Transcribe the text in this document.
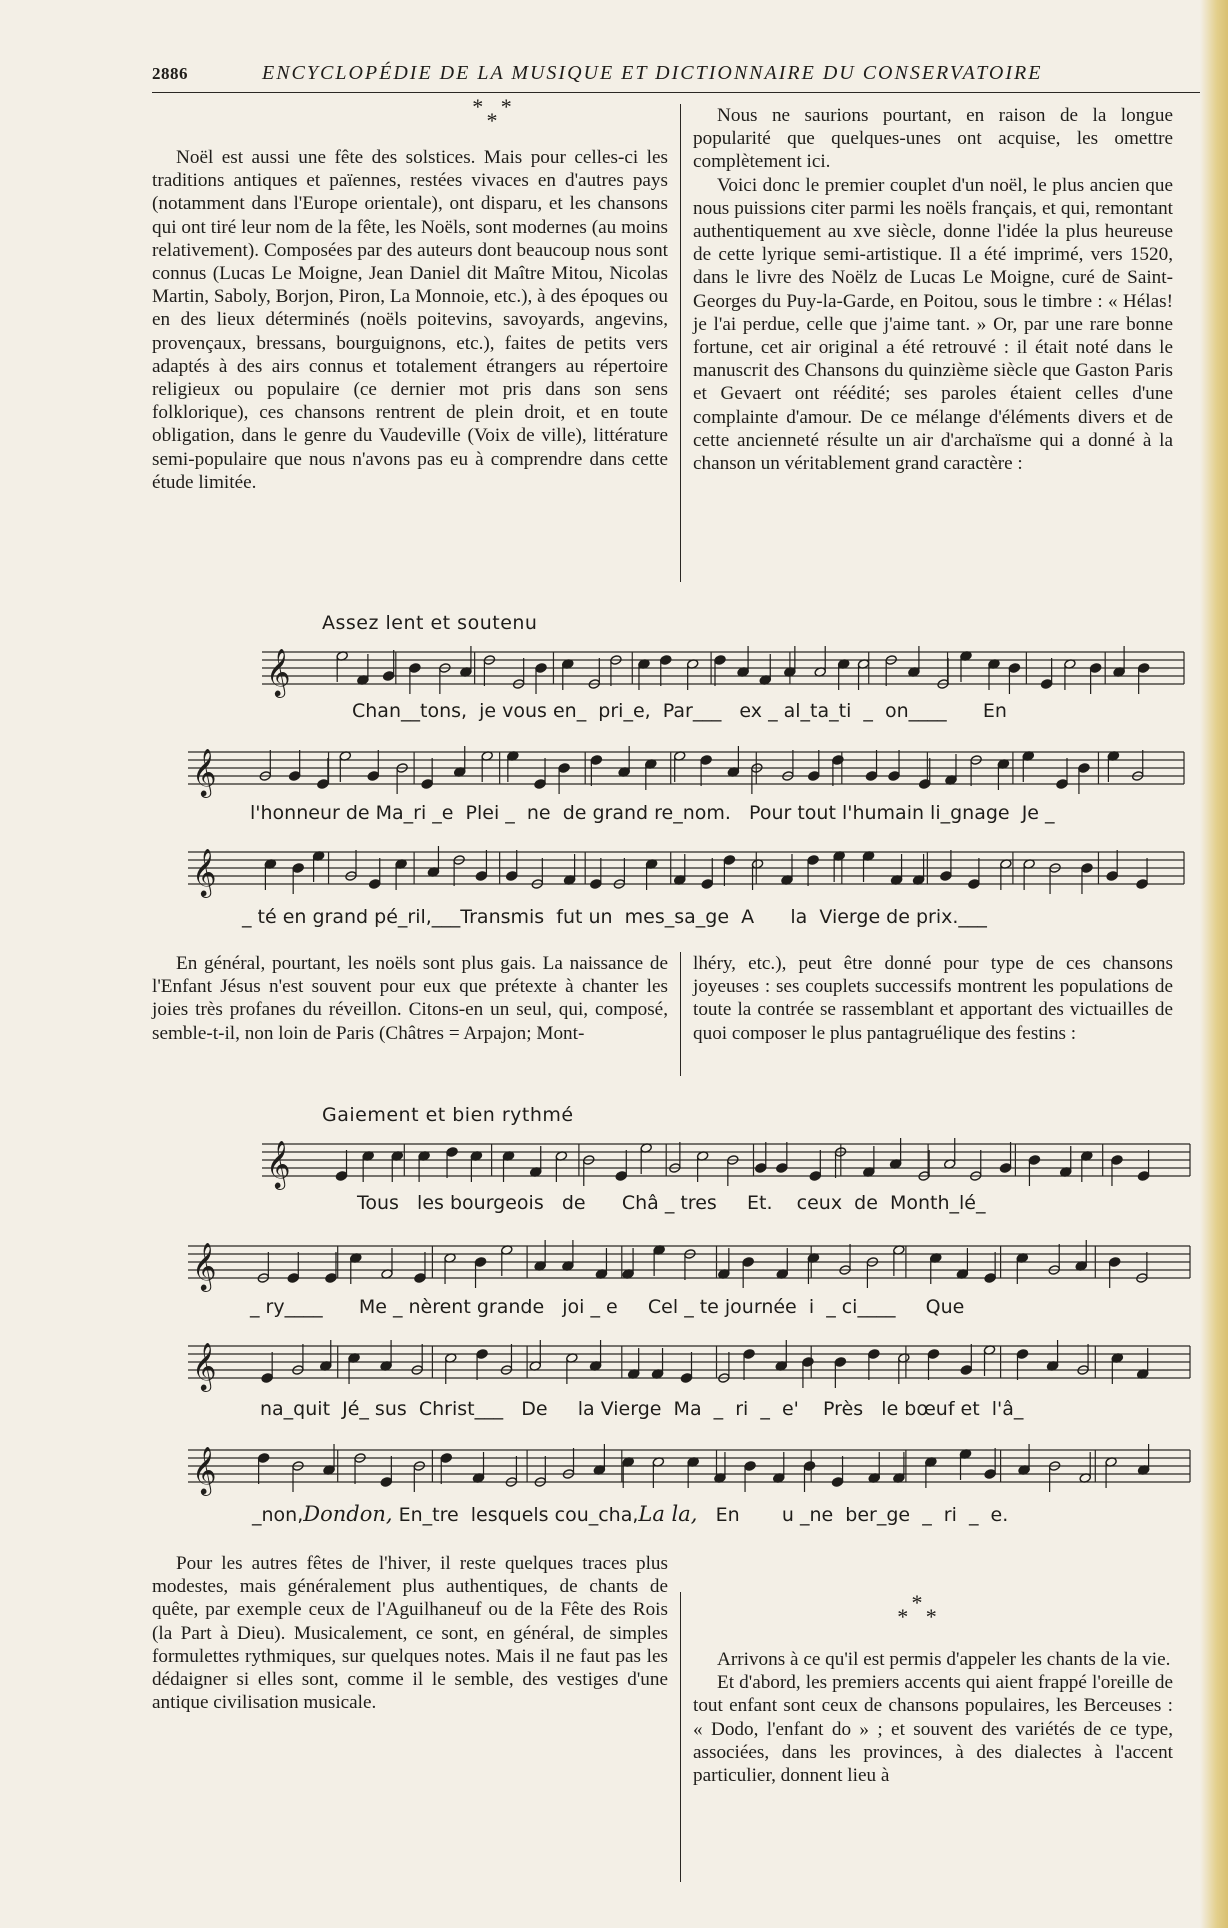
2886	ENCYCLOPÉDIE DE LA MUSIQUE ET DICTIONNAIRE DU CONSERVATOIRE
* *
*

Noël est aussi une fête des solstices. Mais pour celles-ci les traditions antiques et païennes, restées vivaces en d'autres pays (notamment dans l'Europe orientale), ont disparu, et les chansons qui ont tiré leur nom de la fête, les Noëls, sont modernes (au moins relativement). Composées par des auteurs dont beaucoup nous sont connus (Lucas Le Moigne, Jean Daniel dit Maître Mitou, Nicolas Martin, Saboly, Borjon, Piron, La Monnoie, etc.), à des époques ou en des lieux déterminés (noëls poitevins, savoyards, angevins, provençaux, bressans, bourguignons, etc.), faites de petits vers adaptés à des airs connus et totalement étrangers au répertoire religieux ou populaire (ce dernier mot pris dans son sens folklorique), ces chansons rentrent de plein droit, et en toute obligation, dans le genre du Vaudeville (Voix de ville), littérature semi-populaire que nous n'avons pas eu à comprendre dans cette étude limitée.

Nous ne saurions pourtant, en raison de la longue popularité que quelques-unes ont acquise, les omettre complètement ici.

Voici donc le premier couplet d'un noël, le plus ancien que nous puissions citer parmi les noëls français, et qui, remontant authentiquement au xve siècle, donne l'idée la plus heureuse de cette lyrique semi-artistique. Il a été imprimé, vers 1520, dans le livre des Noëlz de Lucas Le Moigne, curé de Saint-Georges du Puy-la-Garde, en Poitou, sous le timbre : « Hélas! je l'ai perdue, celle que j'aime tant. » Or, par une rare bonne fortune, cet air original a été retrouvé : il était noté dans le manuscrit des Chansons du quinzième siècle que Gaston Paris et Gevaert ont réédité; ses paroles étaient celles d'une complainte d'amour. De ce mélange d'éléments divers et de cette ancienneté résulte un air d'archaïsme qui a donné à la chanson un véritablement grand caractère :

Assez lent et soutenu
𝄞
𝄞
𝄞
Chan__tons,  je vous en_  pri_e,  Par___   ex _ al_ta_ti  _  on____      En
l'honneur de Ma_ri _e  Plei _  ne  de grand re_nom.   Pour tout l'humain li_gnage  Je _
_ té en grand pé_ril,___Transmis  fut un  mes_sa_ge  A      la  Vierge de prix.___

En général, pourtant, les noëls sont plus gais. La naissance de l'Enfant Jésus n'est souvent pour eux que prétexte à chanter les joies très profanes du réveillon. Citons-en un seul, qui, composé, semble-t-il, non loin de Paris (Châtres = Arpajon; Mont-

lhéry, etc.), peut être donné pour type de ces chansons joyeuses : ses couplets successifs montrent les populations de toute la contrée se rassemblant et apportant des victuailles de quoi composer le plus pantagruélique des festins :

Gaiement et bien rythmé
𝄞
𝄞
𝄞
𝄞
Tous   les bourgeois   de      Châ _ tres     Et.    ceux  de  Month_lé_
_ ry____      Me _ nèrent grande   joi _ e     Cel _ te journée  i  _ ci____     Que
na_quit  Jé_ sus  Christ___   De     la Vierge  Ma  _  ri  _  e'    Près   le bœuf et  l'â_
_non,Dondon, En_tre  lesquels cou_cha,La la,   En       u _ne  ber_ge  _  ri  _  e.

Pour les autres fêtes de l'hiver, il reste quelques traces plus modestes, mais généralement plus authentiques, de chants de quête, par exemple ceux de l'Aguilhaneuf ou de la Fête des Rois (la Part à Dieu). Musicalement, ce sont, en général, de simples formulettes rythmiques, sur quelques notes. Mais il ne faut pas les dédaigner si elles sont, comme il le semble, des vestiges d'une antique civilisation musicale.

*
* *

Arrivons à ce qu'il est permis d'appeler les chants de la vie.

Et d'abord, les premiers accents qui aient frappé l'oreille de tout enfant sont ceux de chansons populaires, les Berceuses : « Dodo, l'enfant do » ; et souvent des variétés de ce type, associées, dans les provinces, à des dialectes à l'accent particulier, donnent lieu à
